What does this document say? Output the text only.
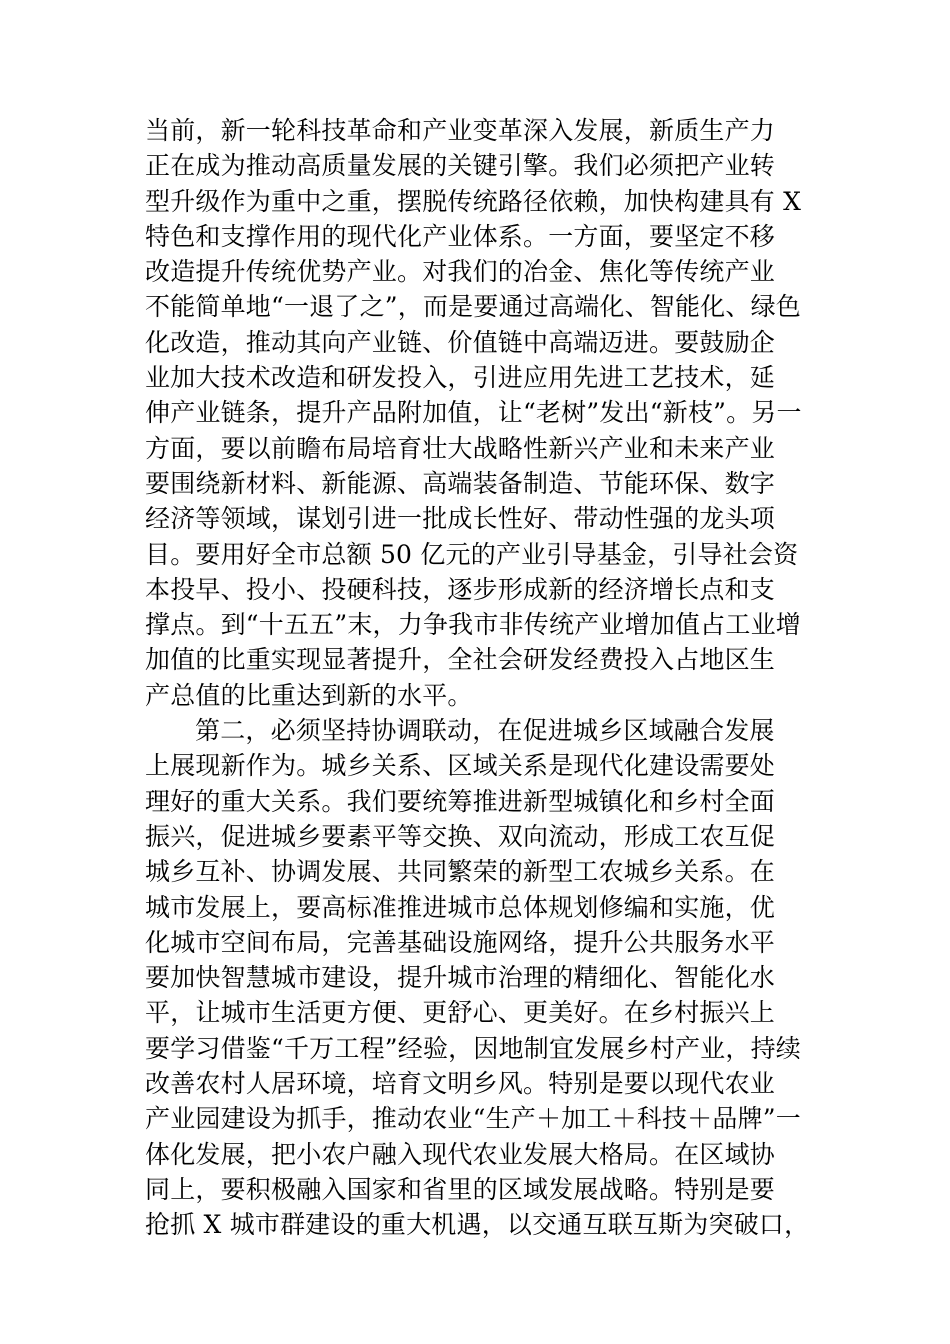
当前，新一轮科技革命和产业变革深入发展，新质生产力
正在成为推动高质量发展的关键引擎。我们必须把产业转
型升级作为重中之重，摆脱传统路径依赖，加快构建具有 X
特色和支撑作用的现代化产业体系。一方面，要坚定不移
改造提升传统优势产业。对我们的冶金、焦化等传统产业
不能简单地“一退了之”，而是要通过高端化、智能化、绿色
化改造，推动其向产业链、价值链中高端迈进。要鼓励企
业加大技术改造和研发投入，引进应用先进工艺技术，延
伸产业链条，提升产品附加值，让“老树”发出“新枝”。另一
方面，要以前瞻布局培育壮大战略性新兴产业和未来产业
要围绕新材料、新能源、高端装备制造、节能环保、数字
经济等领域，谋划引进一批成长性好、带动性强的龙头项
目。要用好全市总额 50 亿元的产业引导基金，引导社会资
本投早、投小、投硬科技，逐步形成新的经济增长点和支
撑点。到“十五五”末，力争我市非传统产业增加值占工业增
加值的比重实现显著提升，全社会研发经费投入占地区生
产总值的比重达到新的水平。
第二，必须坚持协调联动，在促进城乡区域融合发展
上展现新作为。城乡关系、区域关系是现代化建设需要处
理好的重大关系。我们要统筹推进新型城镇化和乡村全面
振兴，促进城乡要素平等交换、双向流动，形成工农互促
城乡互补、协调发展、共同繁荣的新型工农城乡关系。在
城市发展上，要高标准推进城市总体规划修编和实施，优
化城市空间布局，完善基础设施网络，提升公共服务水平
要加快智慧城市建设，提升城市治理的精细化、智能化水
平，让城市生活更方便、更舒心、更美好。在乡村振兴上
要学习借鉴“千万工程”经验，因地制宜发展乡村产业，持续
改善农村人居环境，培育文明乡风。特别是要以现代农业
产业园建设为抓手，推动农业“生产＋加工＋科技＋品牌”一
体化发展，把小农户融入现代农业发展大格局。在区域协
同上，要积极融入国家和省里的区域发展战略。特别是要
抢抓 X 城市群建设的重大机遇，以交通互联互斯为突破口，
